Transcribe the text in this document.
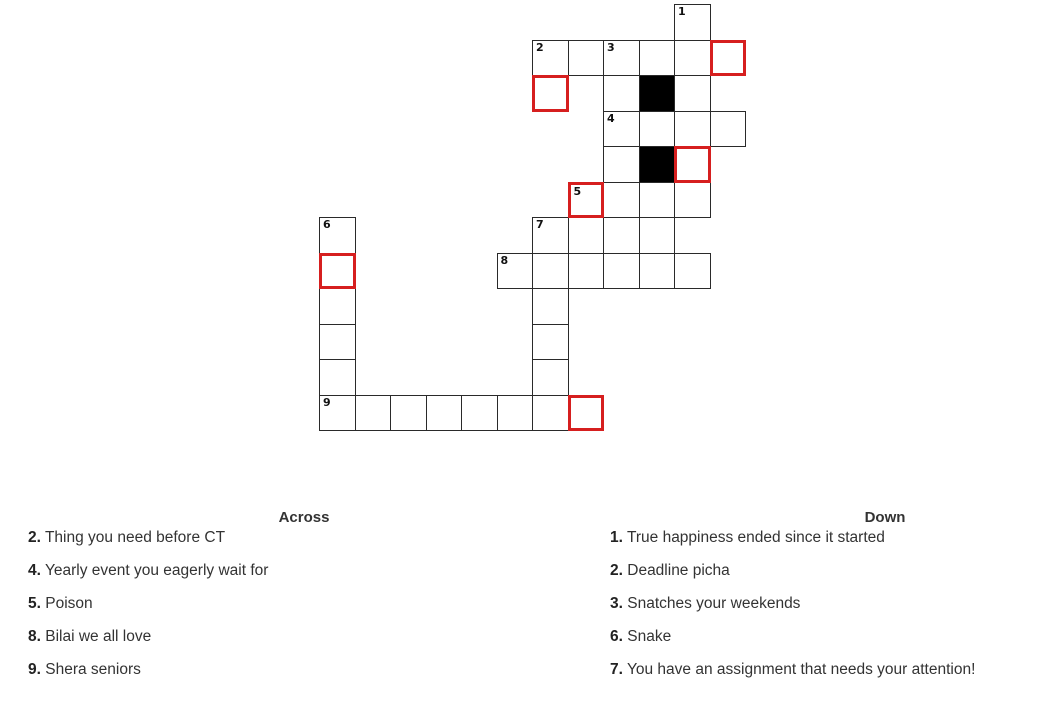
1
2	3
4
5
6	7
8
9
Across
2. Thing you need before CT
4. Yearly event you eagerly wait for
5. Poison
8. Bilai we all love
9. Shera seniors
Down
1. True happiness ended since it started
2. Deadline picha
3. Snatches your weekends
6. Snake
7. You have an assignment that needs your attention!
